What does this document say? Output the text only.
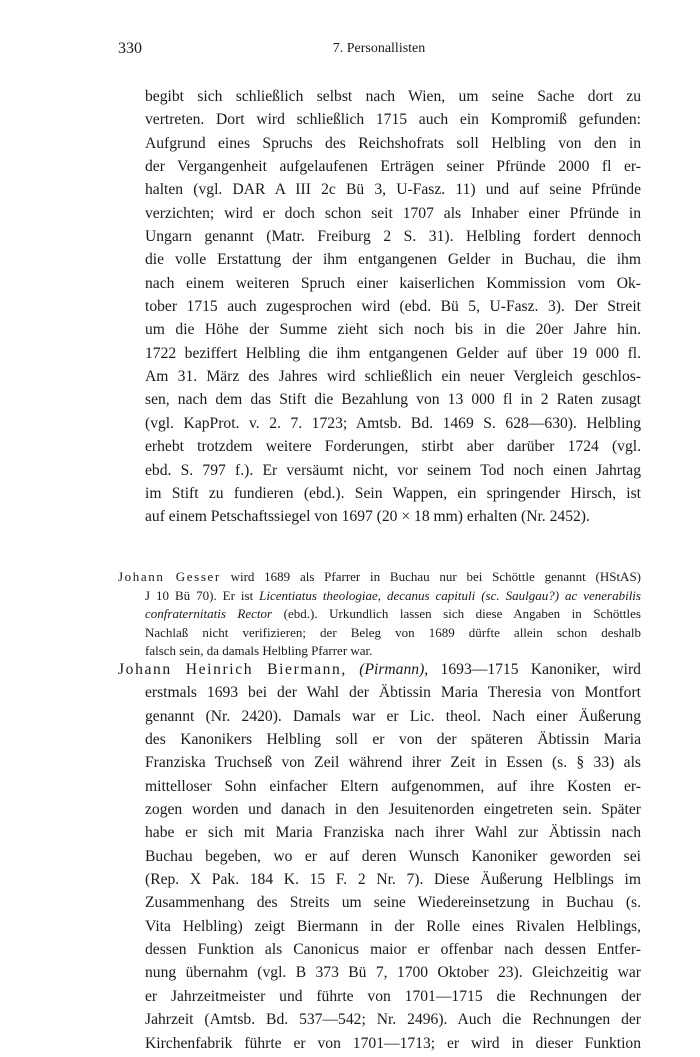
330	7. Personallisten

begibt sich schließlich selbst nach Wien, um seine Sache dort zu
vertreten. Dort wird schließlich 1715 auch ein Kompromiß gefunden:
Aufgrund eines Spruchs des Reichshofrats soll Helbling von den in
der Vergangenheit aufgelaufenen Erträgen seiner Pfründe 2000 fl er-
halten (vgl. DAR A III 2c Bü 3, U-Fasz. 11) und auf seine Pfründe
verzichten; wird er doch schon seit 1707 als Inhaber einer Pfründe in
Ungarn genannt (Matr. Freiburg 2 S. 31). Helbling fordert dennoch
die volle Erstattung der ihm entgangenen Gelder in Buchau, die ihm
nach einem weiteren Spruch einer kaiserlichen Kommission vom Ok-
tober 1715 auch zugesprochen wird (ebd. Bü 5, U-Fasz. 3). Der Streit
um die Höhe der Summe zieht sich noch bis in die 20er Jahre hin.
1722 beziffert Helbling die ihm entgangenen Gelder auf über 19 000 fl.
Am 31. März des Jahres wird schließlich ein neuer Vergleich geschlos-
sen, nach dem das Stift die Bezahlung von 13 000 fl in 2 Raten zusagt
(vgl. KapProt. v. 2. 7. 1723; Amtsb. Bd. 1469 S. 628—630). Helbling
erhebt trotzdem weitere Forderungen, stirbt aber darüber 1724 (vgl.
ebd. S. 797 f.). Er versäumt nicht, vor seinem Tod noch einen Jahrtag
im Stift zu fundieren (ebd.). Sein Wappen, ein springender Hirsch, ist
auf einem Petschaftssiegel von 1697 (20 × 18 mm) erhalten (Nr. 2452).

Johann Gesser wird 1689 als Pfarrer in Buchau nur bei Schöttle genannt (HStAS)
J 10 Bü 70). Er ist Licentiatus theologiae, decanus capituli (sc. Saulgau?) ac venerabilis
confraternitatis Rector (ebd.). Urkundlich lassen sich diese Angaben in Schöttles
Nachlaß nicht verifizieren; der Beleg von 1689 dürfte allein schon deshalb
falsch sein, da damals Helbling Pfarrer war.

Johann Heinrich Biermann, (Pirmann), 1693—1715 Kanoniker, wird
erstmals 1693 bei der Wahl der Äbtissin Maria Theresia von Montfort
genannt (Nr. 2420). Damals war er Lic. theol. Nach einer Äußerung
des Kanonikers Helbling soll er von der späteren Äbtissin Maria
Franziska Truchseß von Zeil während ihrer Zeit in Essen (s. § 33) als
mittelloser Sohn einfacher Eltern aufgenommen, auf ihre Kosten er-
zogen worden und danach in den Jesuitenorden eingetreten sein. Später
habe er sich mit Maria Franziska nach ihrer Wahl zur Äbtissin nach
Buchau begeben, wo er auf deren Wunsch Kanoniker geworden sei
(Rep. X Pak. 184 K. 15 F. 2 Nr. 7). Diese Äußerung Helblings im
Zusammenhang des Streits um seine Wiedereinsetzung in Buchau (s.
Vita Helbling) zeigt Biermann in der Rolle eines Rivalen Helblings,
dessen Funktion als Canonicus maior er offenbar nach dessen Entfer-
nung übernahm (vgl. B 373 Bü 7, 1700 Oktober 23). Gleichzeitig war
er Jahrzeitmeister und führte von 1701—1715 die Rechnungen der
Jahrzeit (Amtsb. Bd. 537—542; Nr. 2496). Auch die Rechnungen der
Kirchenfabrik führte er von 1701—1713; er wird in dieser Funktion
